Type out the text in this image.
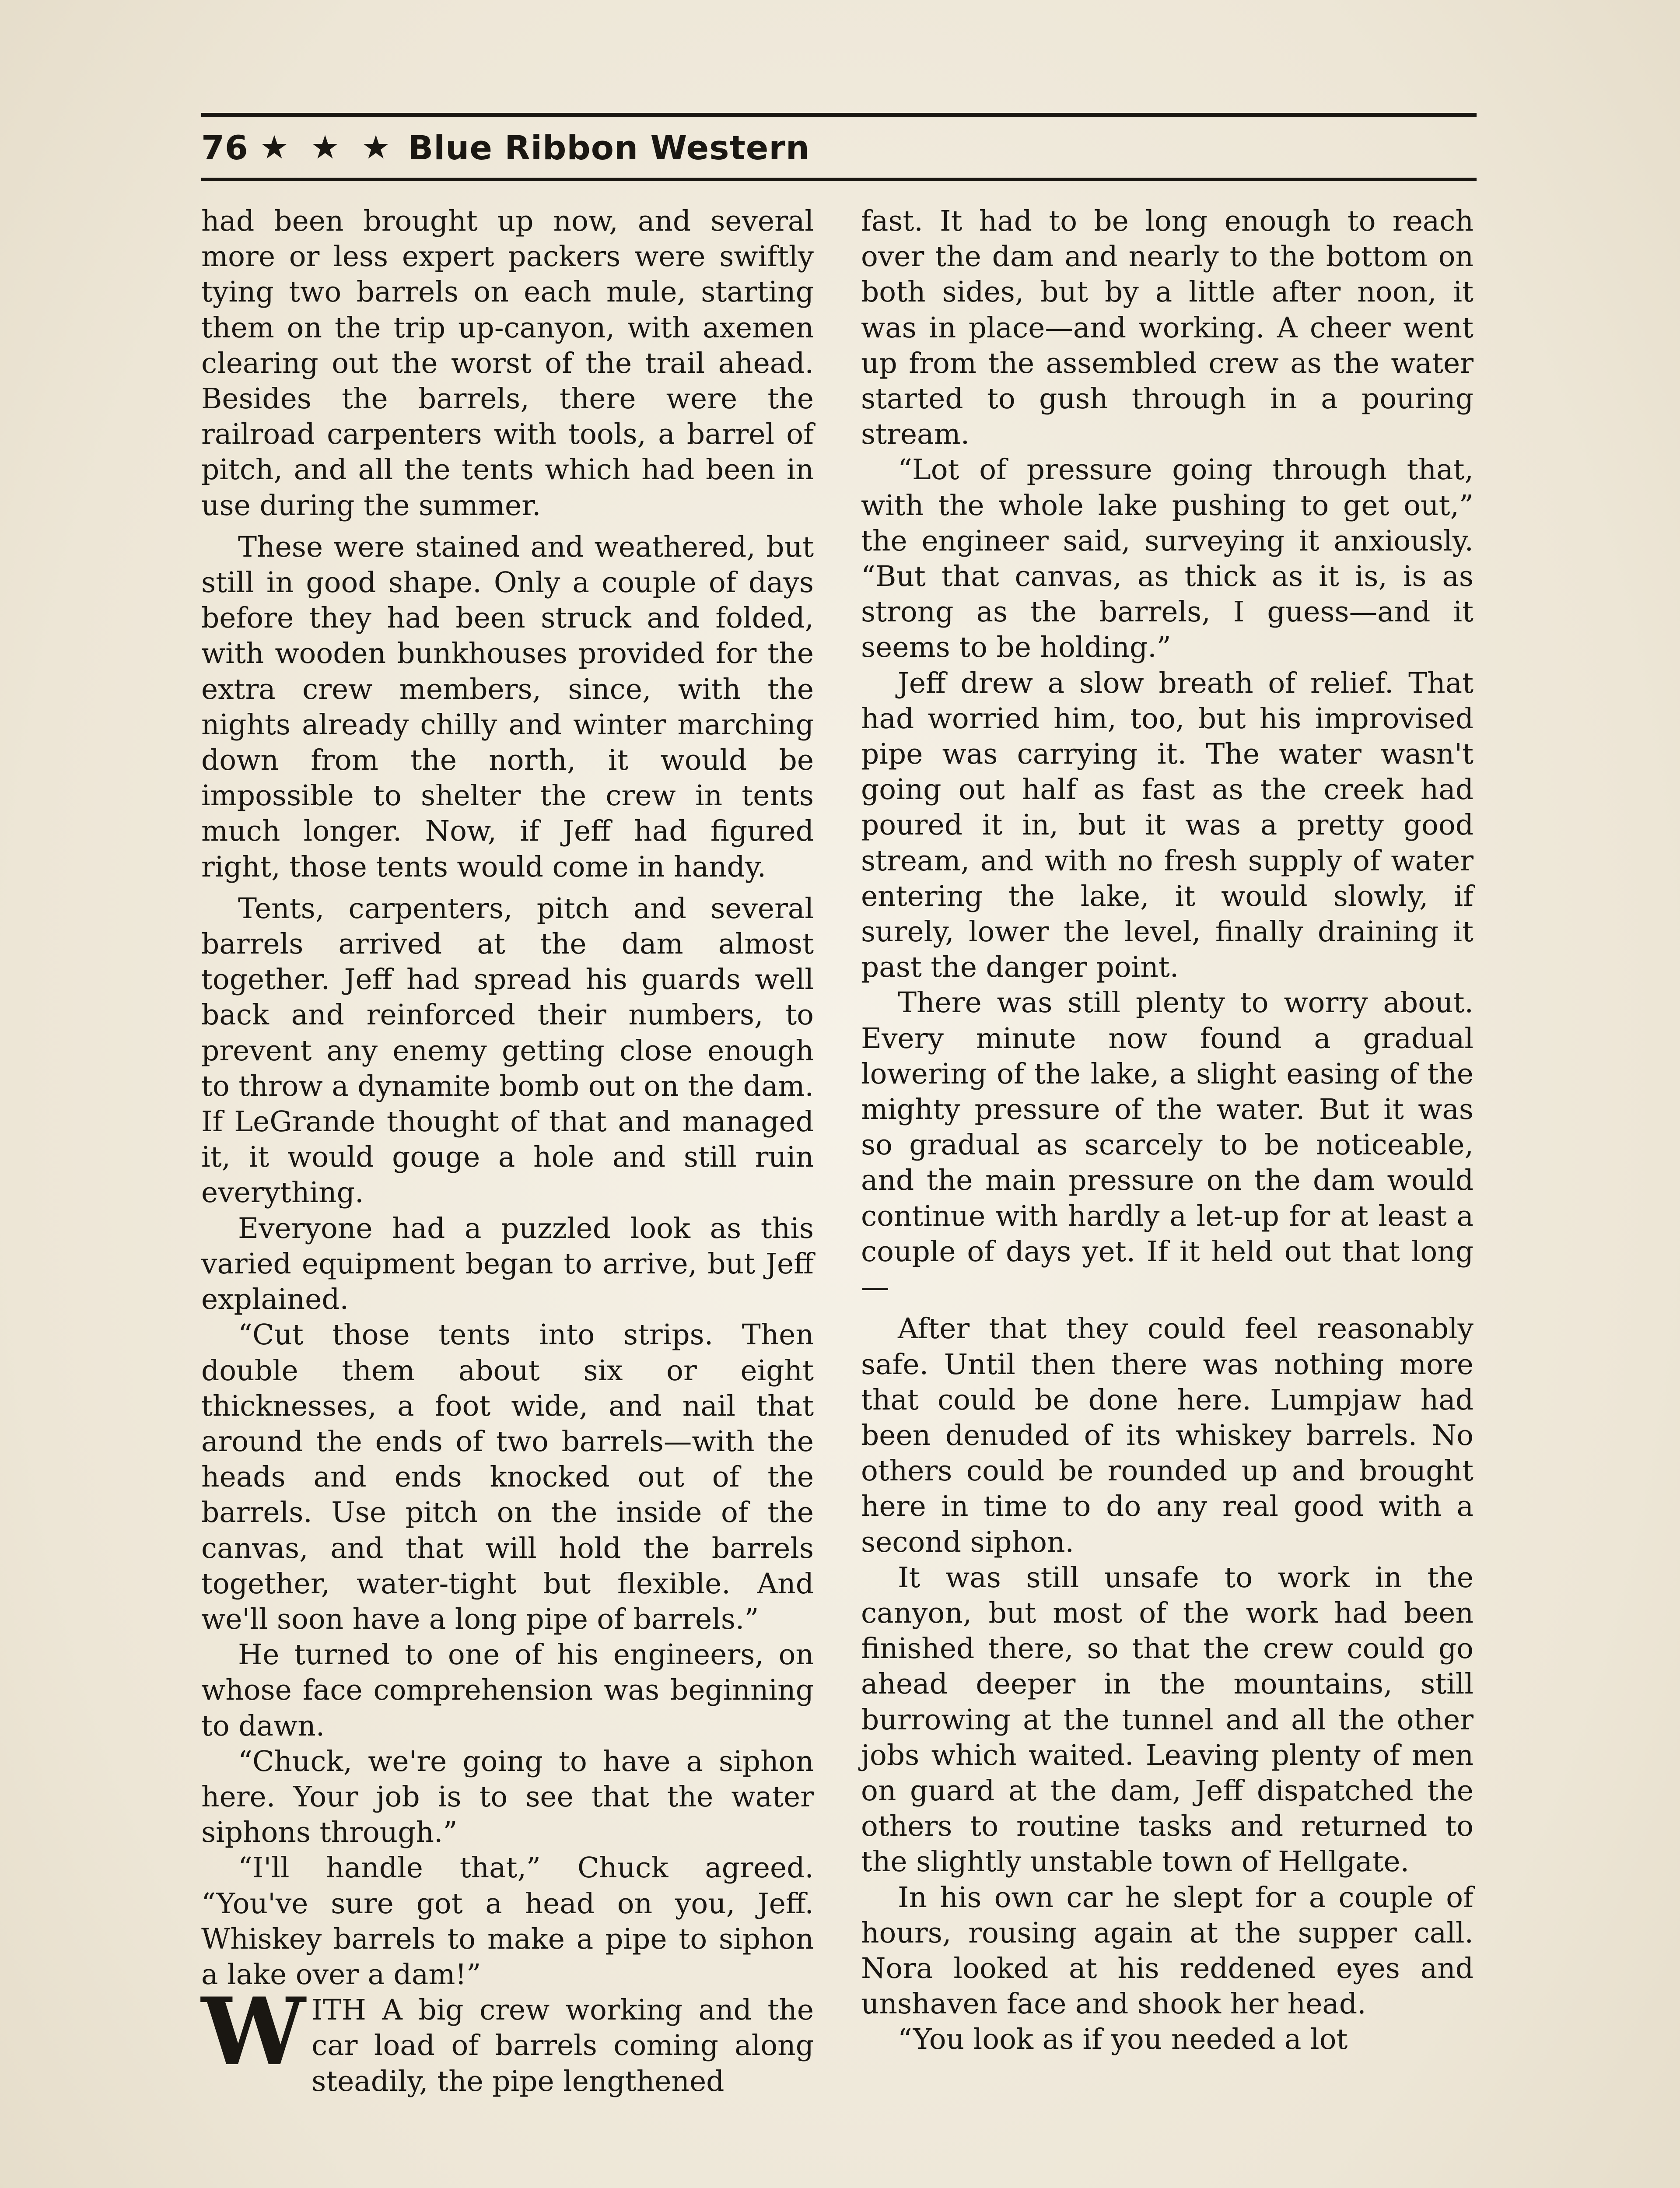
76 ★ ★ ★ Blue Ribbon Western

had been brought up now, and several more or less expert packers were swiftly tying two barrels on each mule, starting them on the trip up-canyon, with axemen clearing out the worst of the trail ahead. Besides the barrels, there were the railroad carpenters with tools, a barrel of pitch, and all the tents which had been in use during the summer.

These were stained and weathered, but still in good shape. Only a couple of days before they had been struck and folded, with wooden bunkhouses provided for the extra crew members, since, with the nights already chilly and winter marching down from the north, it would be impossible to shelter the crew in tents much longer. Now, if Jeff had figured right, those tents would come in handy.

Tents, carpenters, pitch and several barrels arrived at the dam almost together. Jeff had spread his guards well back and reinforced their numbers, to prevent any enemy getting close enough to throw a dynamite bomb out on the dam. If LeGrande thought of that and managed it, it would gouge a hole and still ruin everything.

Everyone had a puzzled look as this varied equipment began to arrive, but Jeff explained.

“Cut those tents into strips. Then double them about six or eight thicknesses, a foot wide, and nail that around the ends of two barrels—with the heads and ends knocked out of the barrels. Use pitch on the inside of the canvas, and that will hold the barrels together, water-tight but flexible. And we'll soon have a long pipe of barrels.”

He turned to one of his engineers, on whose face comprehension was beginning to dawn.

“Chuck, we're going to have a siphon here. Your job is to see that the water siphons through.”

“I'll handle that,” Chuck agreed. “You've sure got a head on you, Jeff. Whiskey barrels to make a pipe to siphon a lake over a dam!”

WITH A big crew working and the car load of barrels coming along steadily, the pipe lengthened

fast. It had to be long enough to reach over the dam and nearly to the bottom on both sides, but by a little after noon, it was in place—and working. A cheer went up from the assembled crew as the water started to gush through in a pouring stream.

“Lot of pressure going through that, with the whole lake pushing to get out,” the engineer said, surveying it anxiously. “But that canvas, as thick as it is, is as strong as the barrels, I guess—and it seems to be holding.”

Jeff drew a slow breath of relief. That had worried him, too, but his improvised pipe was carrying it. The water wasn't going out half as fast as the creek had poured it in, but it was a pretty good stream, and with no fresh supply of water entering the lake, it would slowly, if surely, lower the level, finally draining it past the danger point.

There was still plenty to worry about. Every minute now found a gradual lowering of the lake, a slight easing of the mighty pressure of the water. But it was so gradual as scarcely to be noticeable, and the main pressure on the dam would continue with hardly a let-up for at least a couple of days yet. If it held out that long—

After that they could feel reasonably safe. Until then there was nothing more that could be done here. Lumpjaw had been denuded of its whiskey barrels. No others could be rounded up and brought here in time to do any real good with a second siphon.

It was still unsafe to work in the canyon, but most of the work had been finished there, so that the crew could go ahead deeper in the mountains, still burrowing at the tunnel and all the other jobs which waited. Leaving plenty of men on guard at the dam, Jeff dispatched the others to routine tasks and returned to the slightly unstable town of Hellgate.

In his own car he slept for a couple of hours, rousing again at the supper call. Nora looked at his reddened eyes and unshaven face and shook her head.

“You look as if you needed a lot
